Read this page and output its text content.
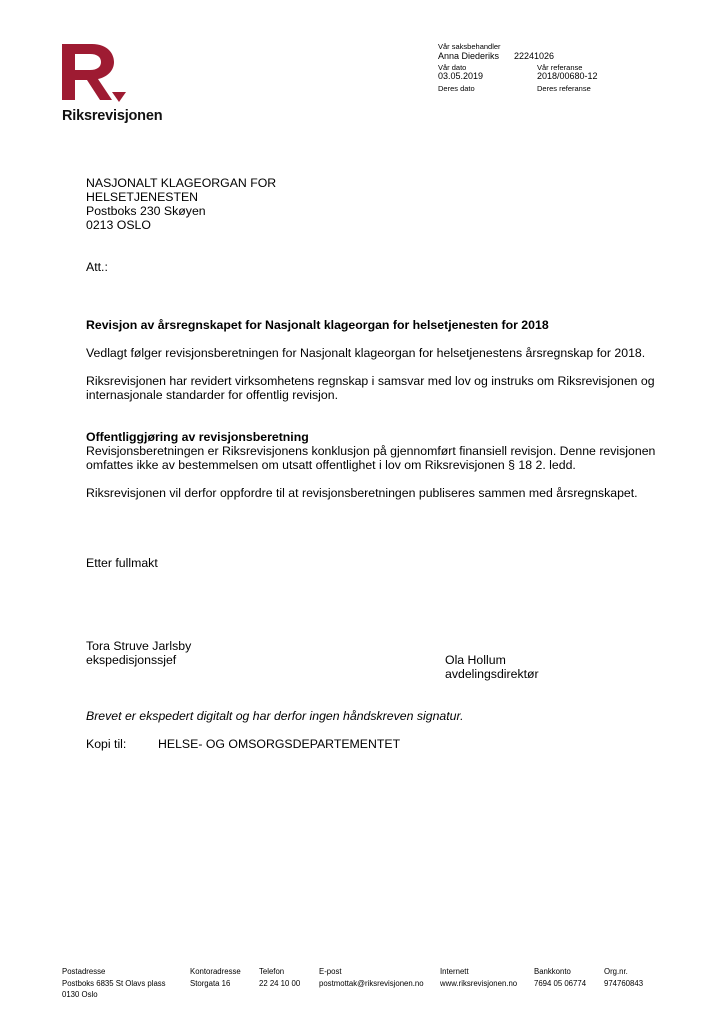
Riksrevisjonen
Vår saksbehandler
Anna Diederiks 22241026
Vår dato	Vår referanse
03.05.2019	2018/00680-12
Deres dato	Deres referanse
NASJONALT KLAGEORGAN FOR
HELSETJENESTEN
Postboks 230 Skøyen
0213 OSLO
Att.:
Revisjon av årsregnskapet for Nasjonalt klageorgan for helsetjenesten for 2018
Vedlagt følger revisjonsberetningen for Nasjonalt klageorgan for helsetjenestens årsregnskap for 2018.
Riksrevisjonen har revidert virksomhetens regnskap i samsvar med lov og instruks om Riksrevisjonen og
internasjonale standarder for offentlig revisjon.
Offentliggjøring av revisjonsberetning
Revisjonsberetningen er Riksrevisjonens konklusjon på gjennomført finansiell revisjon. Denne revisjonen
omfattes ikke av bestemmelsen om utsatt offentlighet i lov om Riksrevisjonen § 18 2. ledd.
Riksrevisjonen vil derfor oppfordre til at revisjonsberetningen publiseres sammen med årsregnskapet.
Etter fullmakt
Tora Struve Jarlsby
ekspedisjonssjef	Ola Hollum
avdelingsdirektør
Brevet er ekspedert digitalt og har derfor ingen håndskreven signatur.
Kopi til:	HELSE- OG OMSORGSDEPARTEMENTET
Postadresse
Postboks 6835 St Olavs plass
0130 Oslo
Kontoradresse
Storgata 16
Telefon
22 24 10 00
E-post
postmottak@riksrevisjonen.no
Internett
www.riksrevisjonen.no
Bankkonto
7694 05 06774
Org.nr.
974760843
